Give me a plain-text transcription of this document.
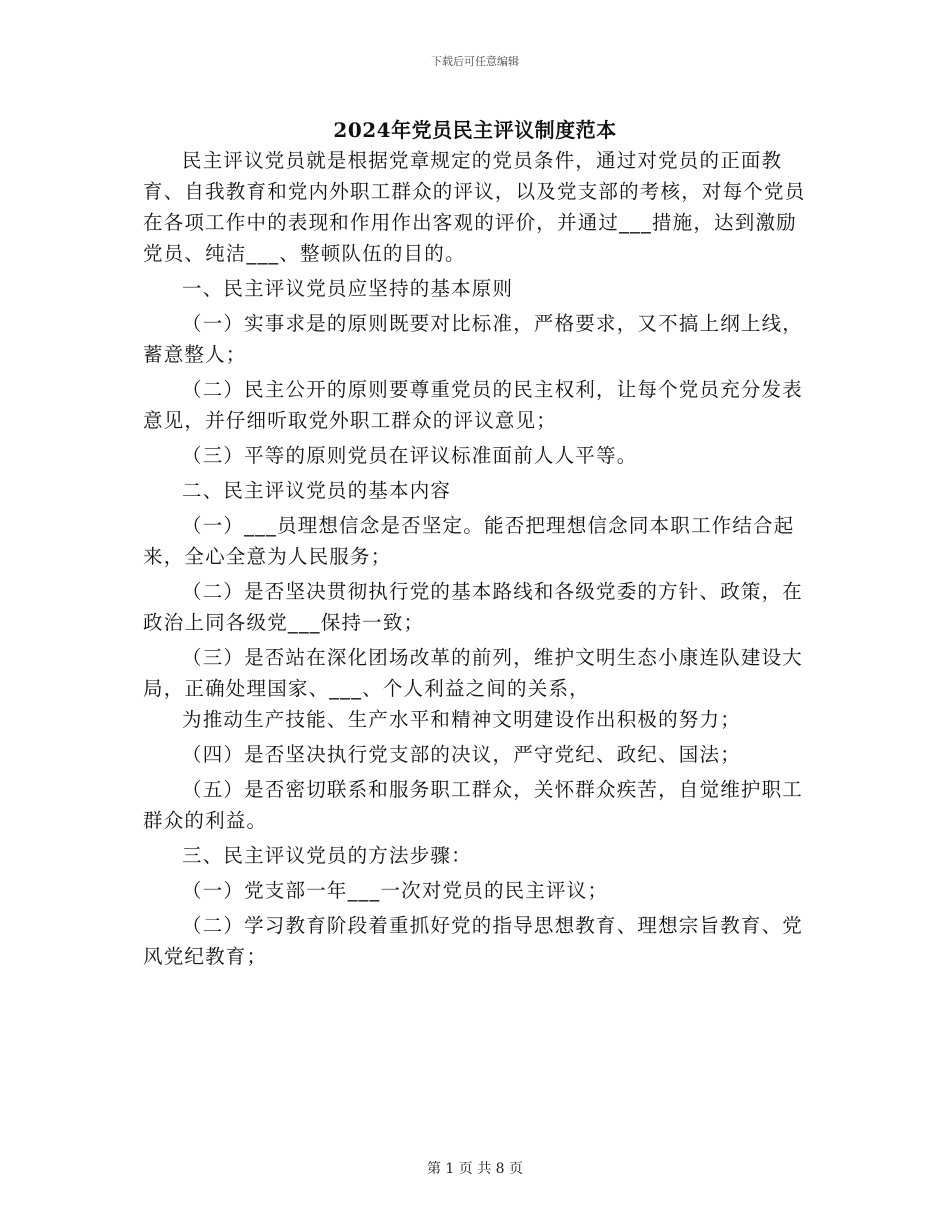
下载后可任意编辑
2024年党员民主评议制度范本

民主评议党员就是根据党章规定的党员条件，通过对党员的正面教育、自我教育和党内外职工群众的评议，以及党支部的考核，对每个党员在各项工作中的表现和作用作出客观的评价，并通过___措施，达到激励党员、纯洁___、整顿队伍的目的。

一、民主评议党员应坚持的基本原则

（一）实事求是的原则既要对比标准，严格要求，又不搞上纲上线，蓄意整人；

（二）民主公开的原则要尊重党员的民主权利，让每个党员充分发表意见，并仔细听取党外职工群众的评议意见；

（三）平等的原则党员在评议标准面前人人平等。

二、民主评议党员的基本内容

（一）___员理想信念是否坚定。能否把理想信念同本职工作结合起来，全心全意为人民服务；

（二）是否坚决贯彻执行党的基本路线和各级党委的方针、政策，在政治上同各级党___保持一致；

（三）是否站在深化团场改革的前列，维护文明生态小康连队建设大局，正确处理国家、___、个人利益之间的关系，

为推动生产技能、生产水平和精神文明建设作出积极的努力；

（四）是否坚决执行党支部的决议，严守党纪、政纪、国法；

（五）是否密切联系和服务职工群众，关怀群众疾苦，自觉维护职工群众的利益。

三、民主评议党员的方法步骤：

（一）党支部一年___一次对党员的民主评议；

（二）学习教育阶段着重抓好党的指导思想教育、理想宗旨教育、党风党纪教育；

第 1 页 共 8 页
